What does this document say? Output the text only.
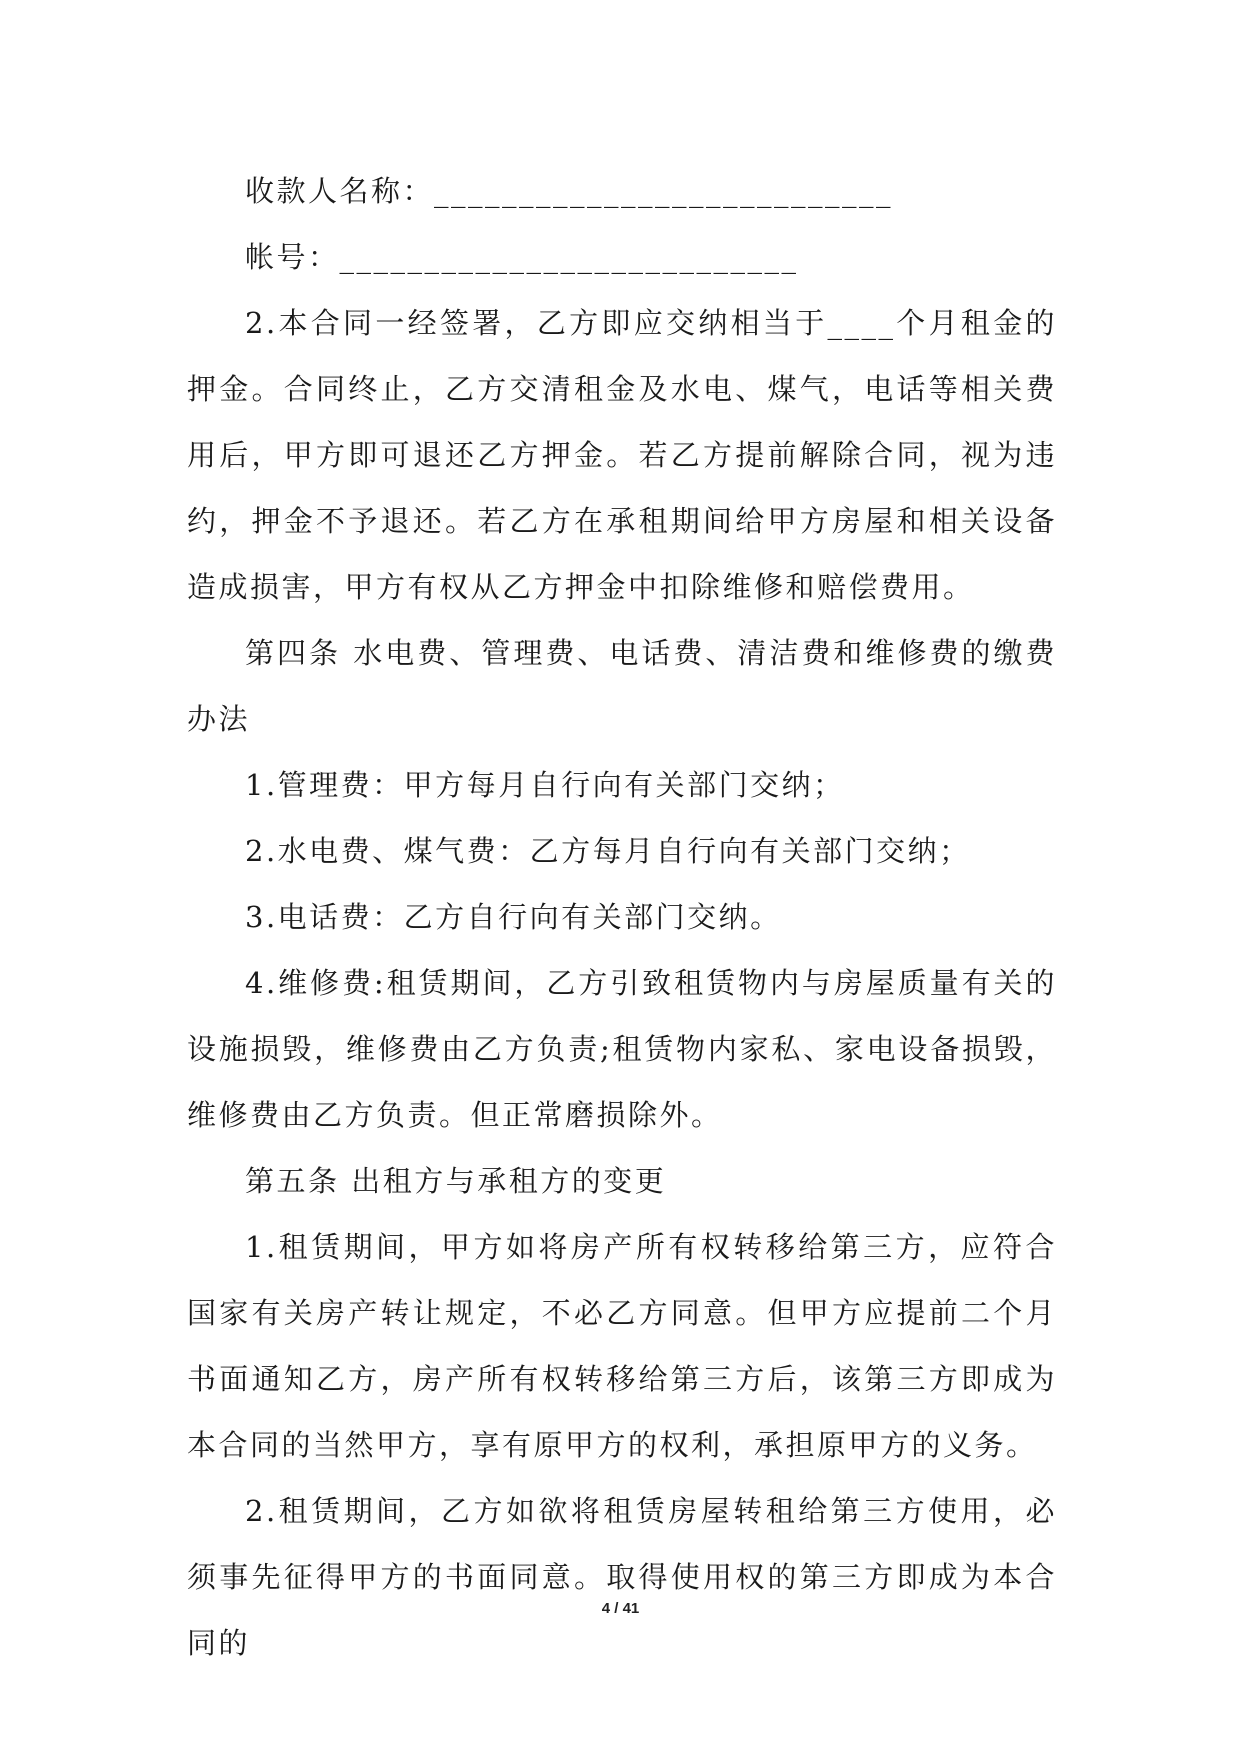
收款人名称：___________________________

帐号：___________________________

2.本合同一经签署，乙方即应交纳相当于____个月租金的押金。合同终止，乙方交清租金及水电、煤气，电话等相关费用后，甲方即可退还乙方押金。若乙方提前解除合同，视为违约，押金不予退还。若乙方在承租期间给甲方房屋和相关设备造成损害，甲方有权从乙方押金中扣除维修和赔偿费用。

第四条 水电费、管理费、电话费、清洁费和维修费的缴费办法

1.管理费：甲方每月自行向有关部门交纳；

2.水电费、煤气费：乙方每月自行向有关部门交纳；

3.电话费：乙方自行向有关部门交纳。

4.维修费:租赁期间，乙方引致租赁物内与房屋质量有关的设施损毁，维修费由乙方负责;租赁物内家私、家电设备损毁，维修费由乙方负责。但正常磨损除外。

第五条 出租方与承租方的变更

1.租赁期间，甲方如将房产所有权转移给第三方，应符合国家有关房产转让规定，不必乙方同意。但甲方应提前二个月书面通知乙方，房产所有权转移给第三方后，该第三方即成为本合同的当然甲方，享有原甲方的权利，承担原甲方的义务。

2.租赁期间，乙方如欲将租赁房屋转租给第三方使用，必须事先征得甲方的书面同意。取得使用权的第三方即成为本合同的

4 / 41
